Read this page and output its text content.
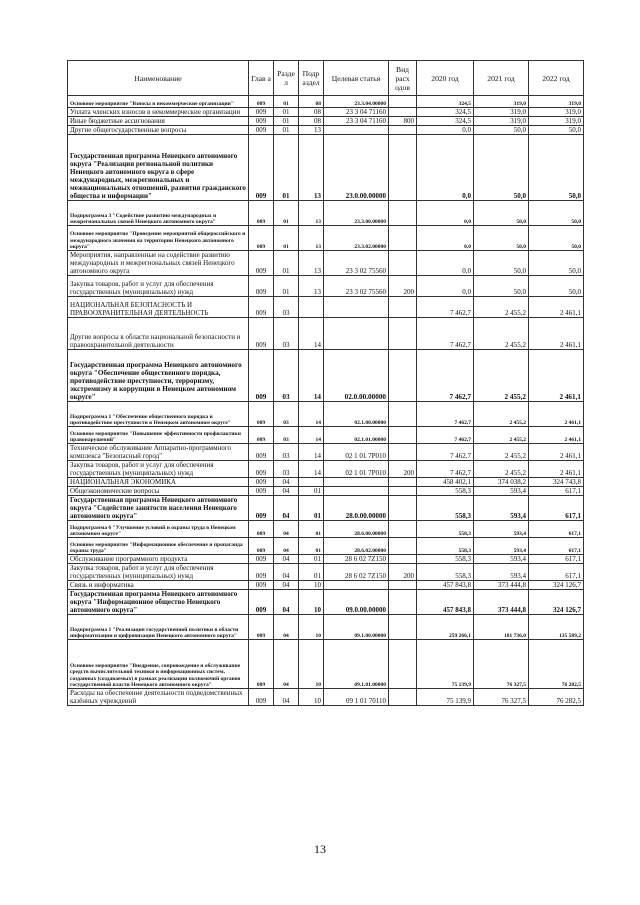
Наименование	Глав а	Разде л	Подр аздел	Целевая статья	Вид расх одов	2020 год	2021 год	2022 год
Основное мероприятие "Взносы в некоммерческие организации"	009	01	08	23.3.04.00000		324,5	319,0	319,0
Уплата членских взносов в некоммерческие организации	009	01	08	23 3 04 71160		324,5	319,0	319,0
Иные бюджетные ассигнования	009	01	08	23 3 04 71160	800	324,5	319,0	319,0
Другие общегосударственные вопросы	009	01	13			0,0	50,0	50,0
Государственная программа Ненецкого автономного округа "Реализация региональной политики Ненецкого автономного округа в сфере международных, межрегиональных и межнациональных отношений, развития гражданского общества и информации"	009	01	13	23.0.00.00000		0,0	50,0	50,0
Подпрограмма 3 "Содействие развитию международных и межрегиональных связей Ненецкого автономного округа"	009	01	13	23.3.00.00000		0,0	50,0	50,0
Основное мероприятие "Проведение мероприятий общероссийского и международного значения на территории Ненецкого автономного округа"	009	01	13	23.3.02.00000		0,0	50,0	50,0
Мероприятия, направленные на содействие развитию международных и межрегиональных связей Ненецкого автономного округа	009	01	13	23 3 02 75560		0,0	50,0	50,0
Закупка товаров, работ и услуг для обеспечения государственных (муниципальных) нужд	009	01	13	23 3 02 75560	200	0,0	50,0	50,0
НАЦИОНАЛЬНАЯ БЕЗОПАСНОСТЬ И ПРАВООХРАНИТЕЛЬНАЯ ДЕЯТЕЛЬНОСТЬ	009	03				7 462,7	2 455,2	2 461,1
Другие вопросы в области национальной безопасности и правоохранительной деятельности	009	03	14			7 462,7	2 455,2	2 461,1
Государственная программа Ненецкого автономного округа "Обеспечение общественного порядка, противодействие преступности, терроризму, экстремизму и коррупции в Ненецком автономном округе"	009	03	14	02.0.00.00000		7 462,7	2 455,2	2 461,1
Подпрограмма 1 "Обеспечение общественного порядка и противодействие преступности в Ненецком автономном округе"	009	03	14	02.1.00.00000		7 462,7	2 455,2	2 461,1
Основное мероприятие "Повышение эффективности профилактики правонарушений"	009	03	14	02.1.01.00000		7 462,7	2 455,2	2 461,1
Техническое обслуживание Аппаратно-программного комплекса "Безопасный город"	009	03	14	02 1 01 7Р010		7 462,7	2 455,2	2 461,1
Закупка товаров, работ и услуг для обеспечения государственных (муниципальных) нужд	009	03	14	02 1 01 7Р010	200	7 462,7	2 455,2	2 461,1
НАЦИОНАЛЬНАЯ ЭКОНОМИКА	009	04				458 402,1	374 038,2	324 743,8
Общеэкономические вопросы	009	04	01			558,3	593,4	617,1
Государственная программа Ненецкого автономного округа "Содействие занятости населения Ненецкого автономного округа"	009	04	01	28.0.00.00000		558,3	593,4	617,1
Подпрограмма 6 "Улучшение условий и охраны труда в Ненецком автономном округе"	009	04	01	28.6.00.00000		558,3	593,4	617,1
Основное мероприятие "Информационное обеспечение и пропаганда охраны труда"	009	04	01	28.6.02.00000		558,3	593,4	617,1
Обслуживание программного продукта	009	04	01	28 6 02 7Z150		558,3	593,4	617,1
Закупка товаров, работ и услуг для обеспечения государственных (муниципальных) нужд	009	04	01	28 6 02 7Z150	200	558,3	593,4	617,1
Связь и информатика	009	04	10			457 843,8	373 444,8	324 126,7
Государственная программа Ненецкого автономного округа "Информационное общество Ненецкого автономного округа"	009	04	10	09.0.00.00000		457 843,8	373 444,8	324 126,7
Подпрограмма 1 "Реализация государственной политики в области информатизации и цифровизации Ненецкого автономного округа"	009	04	10	09.1.00.00000		259 266,1	181 736,0	135 589,2
Основное мероприятие "Внедрение, сопровождение и обслуживание средств вычислительной техники и информационных систем, созданных (создаваемых) в рамках реализации полномочий органов государственной власти Ненецкого автономного округа"	009	04	10	09.1.01.00000		75 139,9	76 327,5	76 282,5
Расходы на обеспечение деятельности подведомственных казённых учреждений	009	04	10	09 1 01 70110		75 139,9	76 327,5	76 282,5
13
